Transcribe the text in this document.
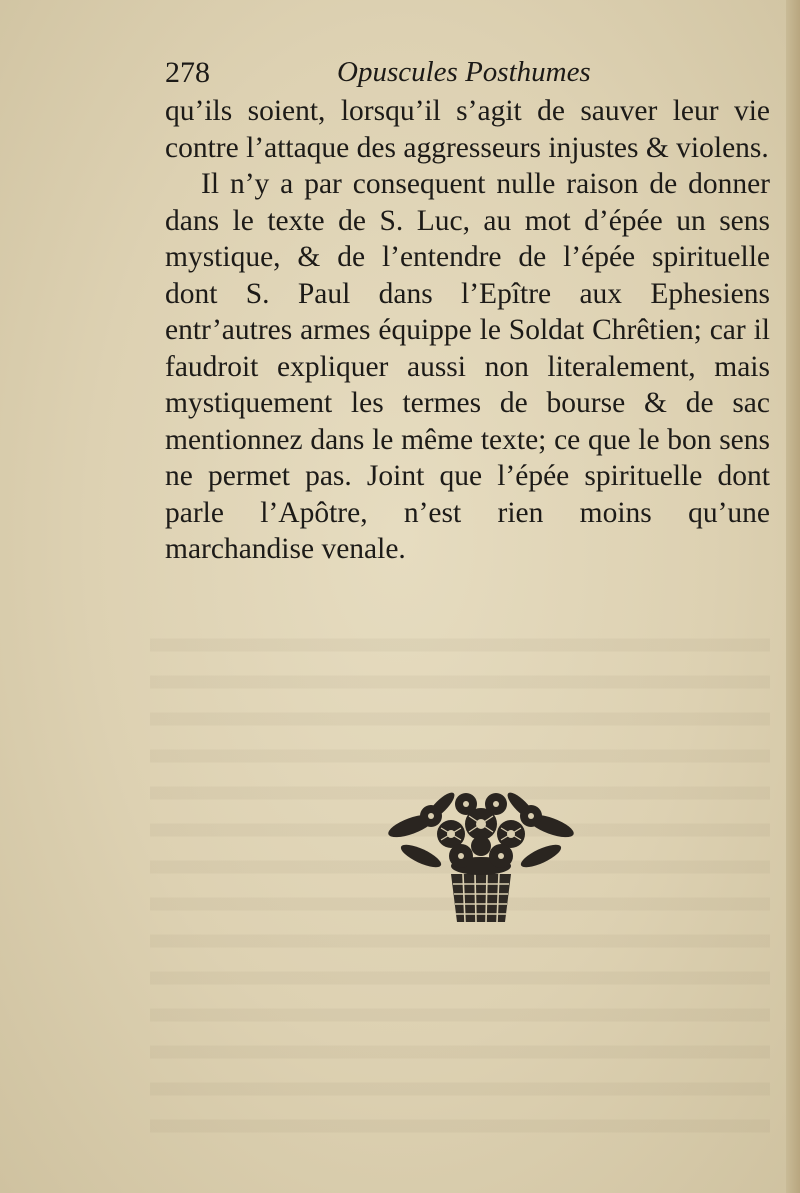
278	Opuscules Posthumes

qu’ils soient, lorsqu’il s’agit de sauver leur vie contre l’attaque des aggresseurs injustes & violens.

Il n’y a par consequent nulle raison de donner dans le texte de S. Luc, au mot d’épée un sens mystique, & de l’entendre de l’épée spirituelle dont S. Paul dans l’Epître aux Ephesiens entr’autres armes équippe le Soldat Chrêtien; car il faudroit expliquer aussi non literalement, mais mystiquement les termes de bourse & de sac mentionnez dans le même texte; ce que le bon sens ne permet pas. Joint que l’épée spirituelle dont parle l’Apôtre, n’est rien moins qu’une marchandise venale.
